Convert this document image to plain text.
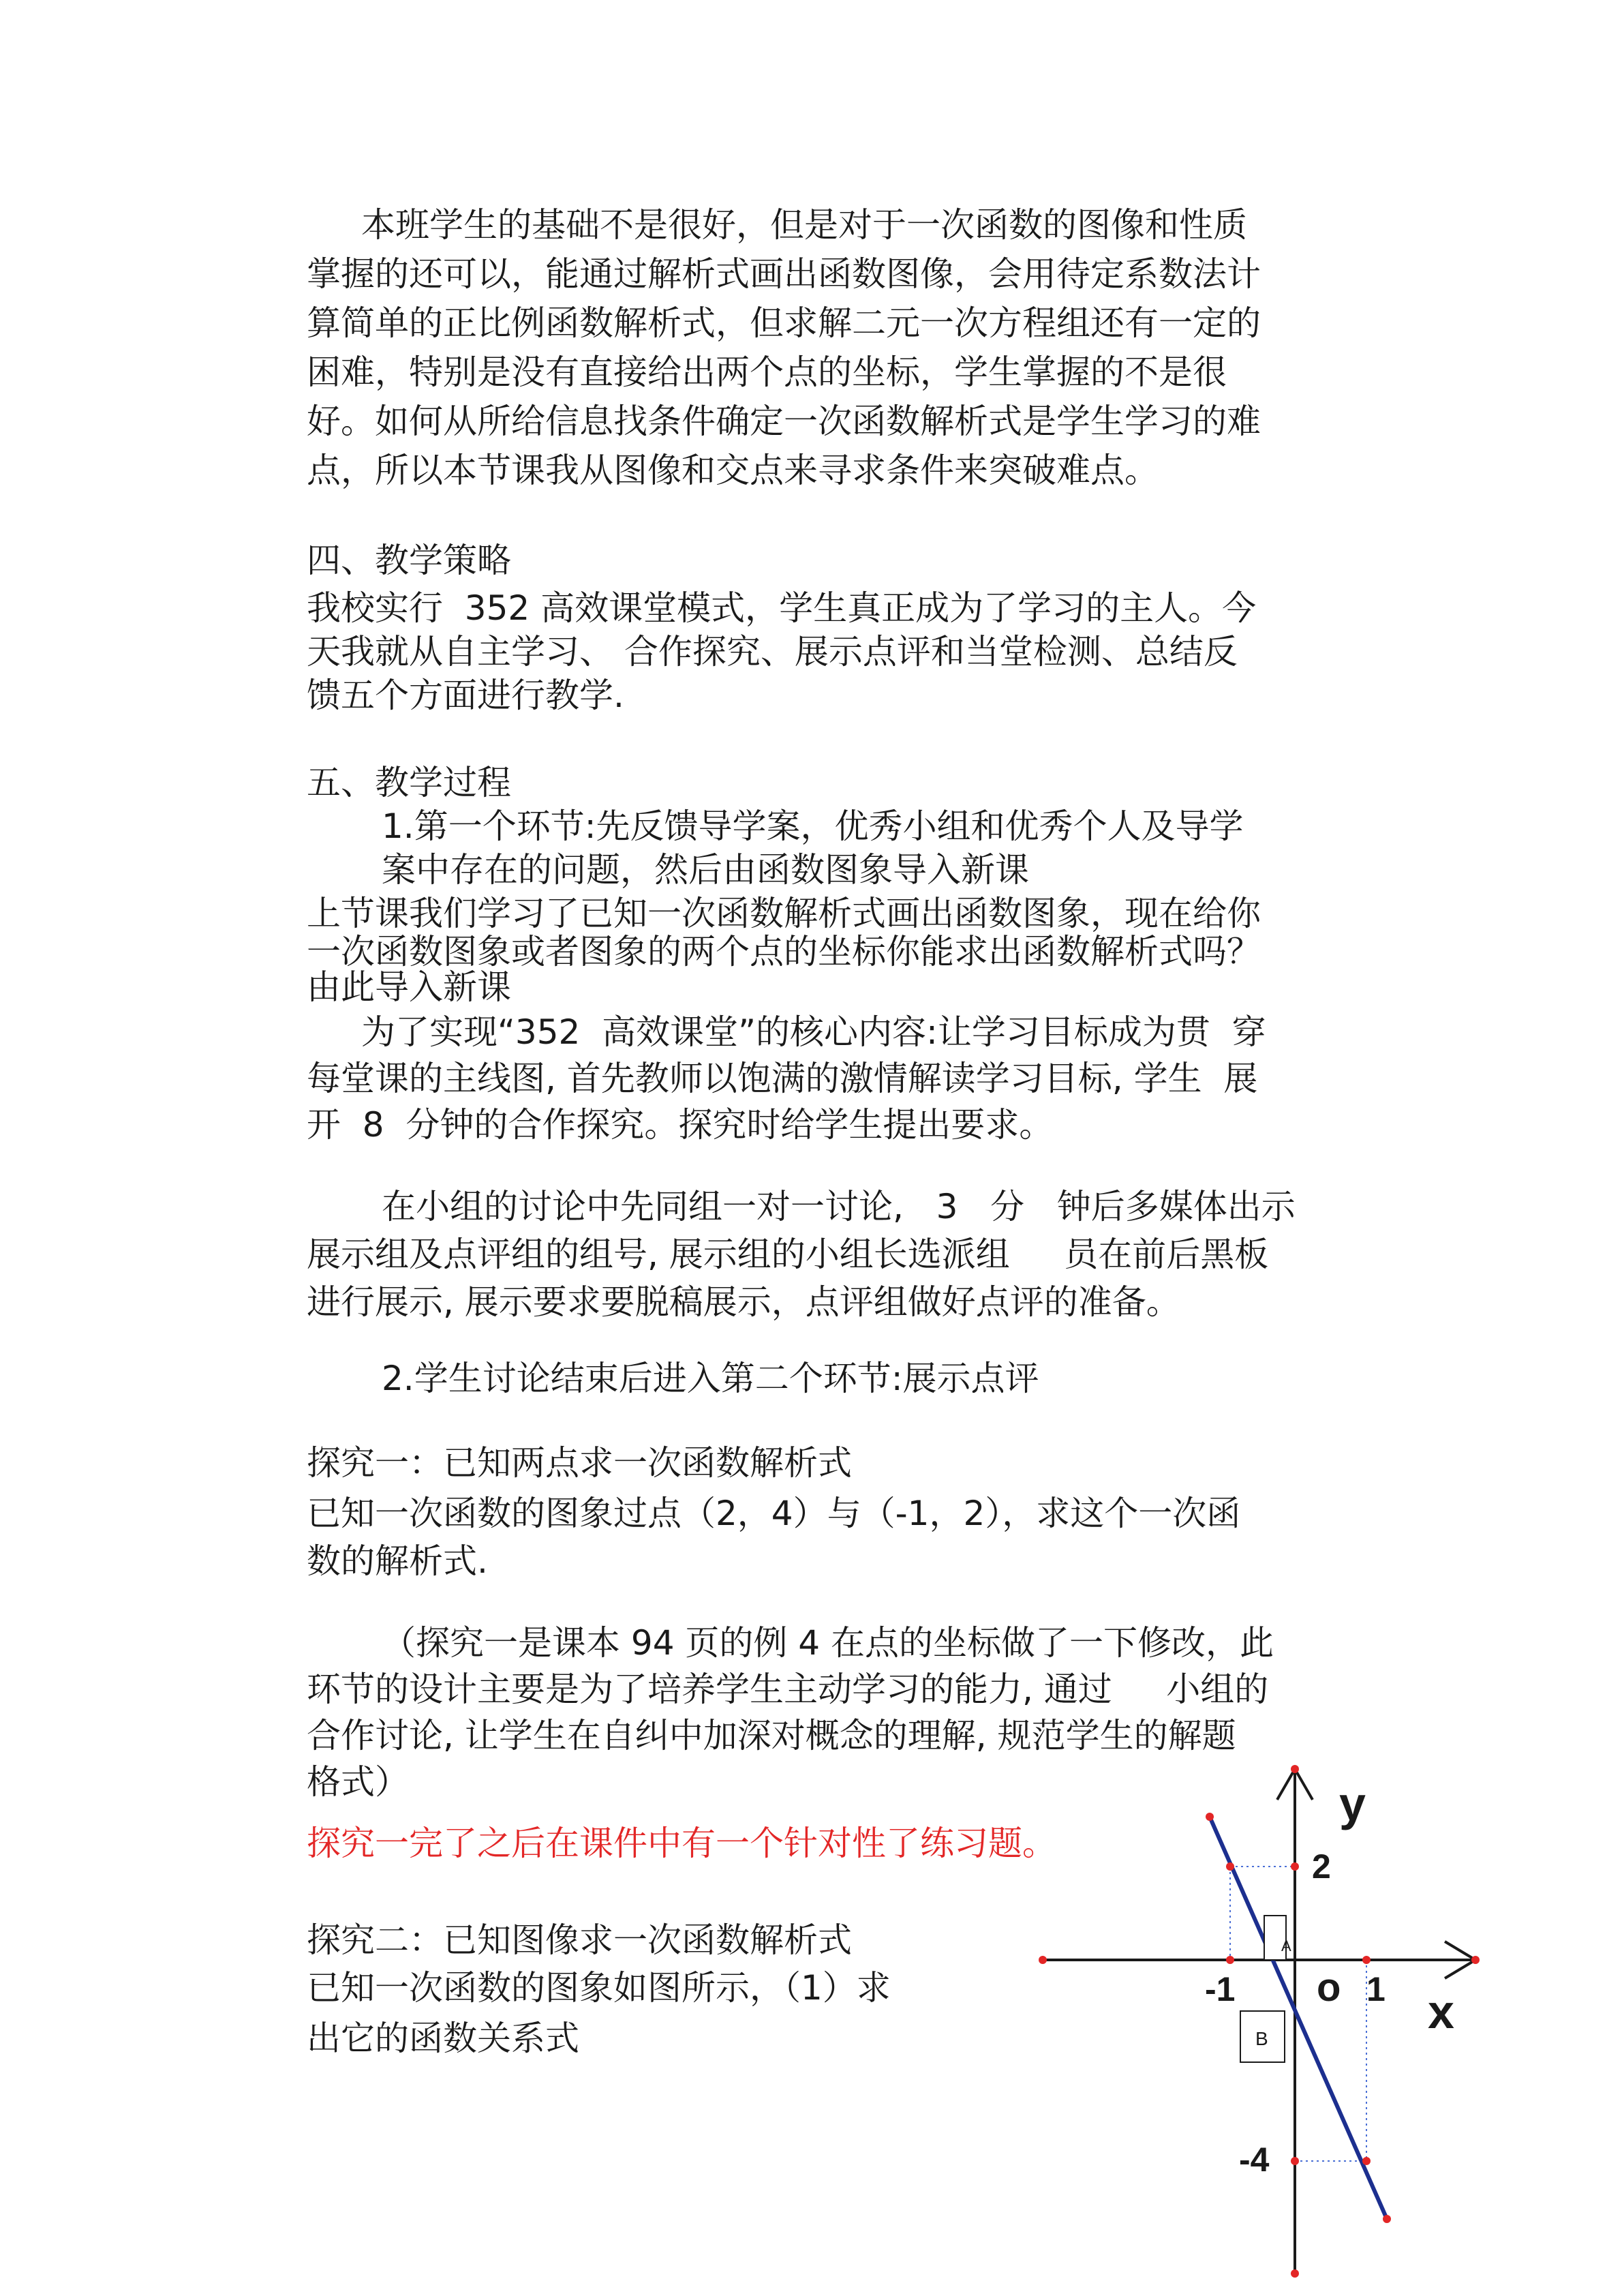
本班学生的基础不是很好，但是对于一次函数的图像和性质

掌握的还可以，能通过解析式画出函数图像，会用待定系数法计

算简单的正比例函数解析式，但求解二元一次方程组还有一定的

困难，特别是没有直接给出两个点的坐标，学生掌握的不是很

好。如何从所给信息找条件确定一次函数解析式是学生学习的难

点，所以本节课我从图像和交点来寻求条件来突破难点。

四、教学策略

我校实行  352 高效课堂模式，学生真正成为了学习的主人。今

天我就从自主学习、 合作探究、展示点评和当堂检测、总结反

馈五个方面进行教学.

五、教学过程

1.第一个环节:先反馈导学案，优秀小组和优秀个人及导学

案中存在的问题，然后由函数图象导入新课

上节课我们学习了已知一次函数解析式画出函数图象，现在给你

一次函数图象或者图象的两个点的坐标你能求出函数解析式吗？

由此导入新课

为了实现“352  高效课堂”的核心内容:让学习目标成为贯  穿

每堂课的主线图, 首先教师以饱满的激情解读学习目标, 学生  展

开  8  分钟的合作探究。探究时给学生提出要求。

在小组的讨论中先同组一对一讨论,   3   分   钟后多媒体出示

展示组及点评组的组号, 展示组的小组长选派组     员在前后黑板

进行展示, 展示要求要脱稿展示，点评组做好点评的准备。

2.学生讨论结束后进入第二个环节:展示点评

探究一：已知两点求一次函数解析式

已知一次函数的图象过点（2，4）与（-1，2），求这个一次函

数的解析式.

（探究一是课本 94 页的例 4 在点的坐标做了一下修改，此

环节的设计主要是为了培养学生主动学习的能力, 通过     小组的

合作讨论, 让学生在自纠中加深对概念的理解, 规范学生的解题

格式）

探究一完了之后在课件中有一个针对性了练习题。

探究二：已知图像求一次函数解析式

已知一次函数的图象如图所示，（1）求

出它的函数关系式

A
B
y
x
2
-4
-1	1
o
